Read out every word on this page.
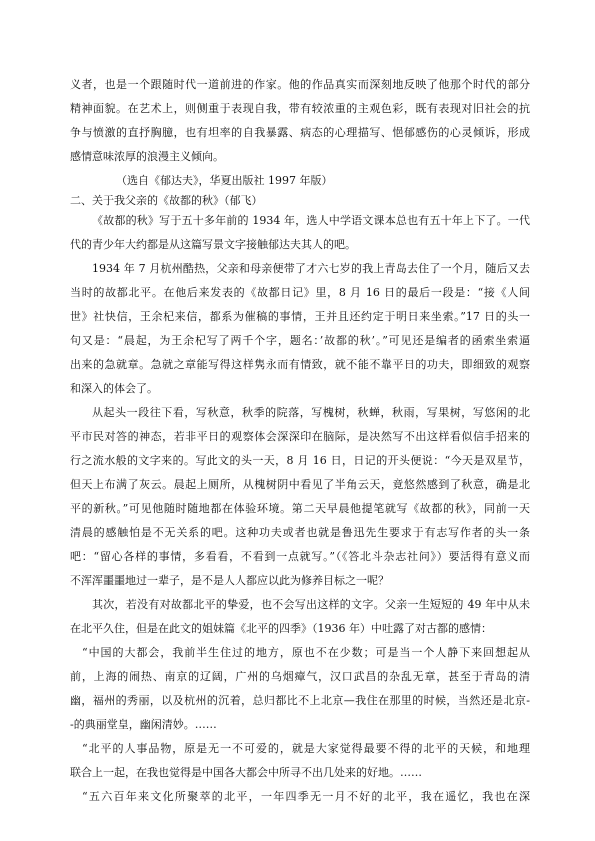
义者，也是一个跟随时代一道前进的作家。他的作品真实而深刻地反映了他那个时代的部分
精神面貌。在艺术上，则侧重于表现自我，带有较浓重的主观色彩，既有表现对旧社会的抗
争与愤激的直抒胸臆，也有坦率的自我暴露、病态的心理描写、悒郁感伤的心灵倾诉，形成
感情意味浓厚的浪漫主义倾向。
（选自《郁达夫》，华夏出版社 1997 年版）
二、关于我父亲的《故都的秋》（郁飞）
《故都的秋》写于五十多年前的 1934 年，选人中学语文课本总也有五十年上下了。一代
代的青少年大约都是从这篇写景文字接触郁达夫其人的吧。
1934 年 7 月杭州酷热，父亲和母亲便带了才六七岁的我上青岛去住了一个月，随后又去
当时的故都北平。在他后来发表的《故都日记》里，8 月 16 日的最后一段是：“接《人间
世》社快信，王余杞来信，都系为催稿的事情，王并且还约定于明日来坐索。”17 日的头一
句又是：“晨起，为王余杞写了两千个字，题名：’故都的秋’。”可见还是编者的函索坐索逼
出来的急就章。急就之章能写得这样隽永而有情致，就不能不靠平日的功夫，即细致的观察
和深入的体会了。
从起头一段往下看，写秋意，秋季的院落，写槐树，秋蝉，秋雨，写果树，写悠闲的北
平市民对答的神态，若非平日的观察体会深深印在脑际，是决然写不出这样看似信手招来的
行之流水般的文字来的。写此文的头一天，8 月 16 日，日记的开头便说：“今天是双星节，
但天上布满了灰云。晨起上厕所，从槐树阴中看见了半角云天，竟悠然感到了秋意，确是北
平的新秋。”可见他随时随地都在体验环境。第二天早晨他提笔就写《故都的秋》，同前一天
清晨的感触怕是不无关系的吧。这种功夫或者也就是鲁迅先生要求于有志写作者的头一条
吧：“留心各样的事情，多看看，不看到一点就写。”（《答北斗杂志社问》）要活得有意义而
不浑浑噩噩地过一辈子，是不是人人都应以此为修养目标之一呢？
其次，若没有对故都北平的挚爱，也不会写出这样的文字。父亲一生短短的 49 年中从未
在北平久住，但是在此文的姐妹篇《北平的四季》（1936 年）中吐露了对古都的感情：
“中国的大都会，我前半生住过的地方，原也不在少数；可是当一个人静下来回想起从
前，上海的闹热、南京的辽阔，广州的乌烟瘴气，汉口武昌的杂乱无章，甚至于青岛的清
幽，福州的秀丽，以及杭州的沉着，总归都比不上北京—我住在那里的时候，当然还是北京-
-的典丽堂皇，幽闲清妙。……
“北平的人事品物，原是无一不可爱的，就是大家觉得最要不得的北平的天候，和地理
联合上一起，在我也觉得是中国各大都会中所寻不出几处来的好地。……
“五六百年来文化所聚萃的北平，一年四季无一月不好的北平，我在遥忆，我也在深
